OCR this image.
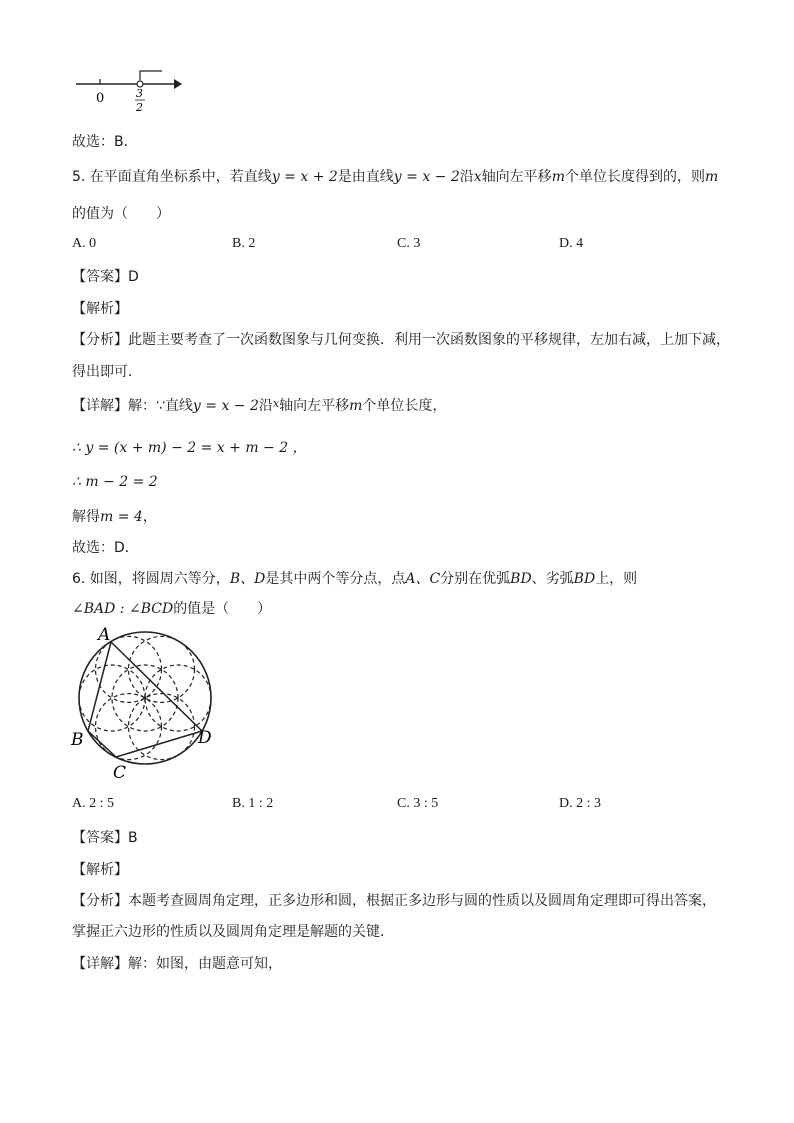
0	3
2
故选：B．
5. 在平面直角坐标系中，若直线y = x + 2是由直线y = x − 2沿x轴向左平移m个单位长度得到的，则m
的值为（　　）
A. 0	B. 2	C. 3	D. 4
【答案】D
【解析】
【分析】此题主要考查了一次函数图象与几何变换．利用一次函数图象的平移规律，左加右减，上加下减，
得出即可．
【详解】解：∵直线y = x − 2沿$^x$轴向左平移m个单位长度，
∴ y = (x + m) − 2 = x + m − 2 ，
∴ m − 2 = 2
解得m = 4，
故选：D．
6. 如图，将圆周六等分，B、D是其中两个等分点，点A、C分别在优弧BD、劣弧BD上，则
∠BAD : ∠BCD的值是（　　）
A
B
C
D
A. 2 : 5	B. 1 : 2	C. 3 : 5	D. 2 : 3
【答案】B
【解析】
【分析】本题考查圆周角定理，正多边形和圆，根据正多边形与圆的性质以及圆周角定理即可得出答案，
掌握正六边形的性质以及圆周角定理是解题的关键．
【详解】解：如图，由题意可知，
